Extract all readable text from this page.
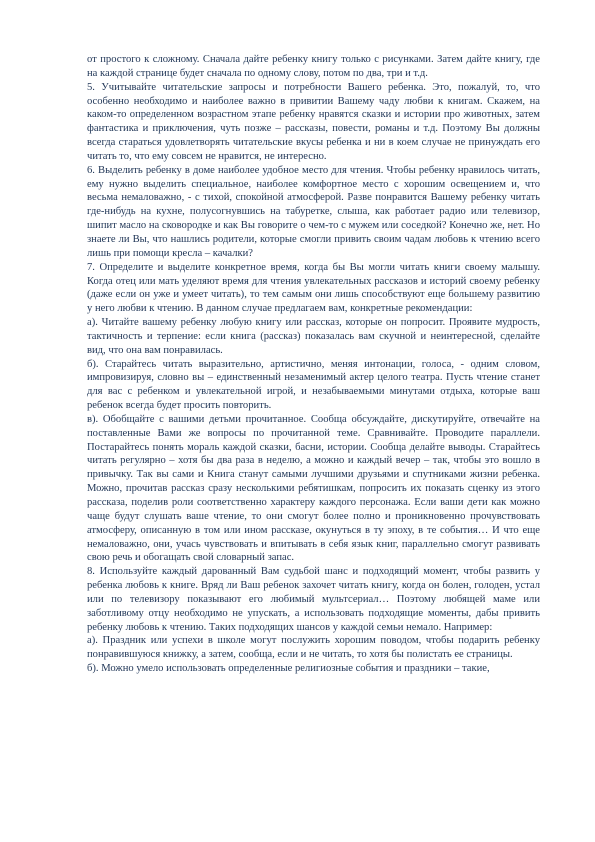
от простого к сложному. Сначала дайте ребенку книгу только с рисунками. Затем дайте книгу, где на каждой странице будет сначала по одному слову, потом по два, три и т.д.

5. Учитывайте читательские запросы и потребности Вашего ребенка. Это, пожалуй, то, что особенно необходимо и наиболее важно в привитии Вашему чаду любви к книгам. Скажем, на каком-то определенном возрастном этапе ребенку нравятся сказки и истории про животных, затем фантастика и приключения, чуть позже – рассказы, повести, романы и т.д. Поэтому Вы должны всегда стараться удовлетворять читательские вкусы ребенка и ни в коем случае не принуждать его читать то, что ему совсем не нравится, не интересно.

6. Выделить ребенку в доме наиболее удобное место для чтения. Чтобы ребенку нравилось читать, ему нужно выделить специальное, наиболее комфортное место с хорошим освещением и, что весьма немаловажно, - с тихой, спокойной атмосферой. Разве понравится Вашему ребенку читать где-нибудь на кухне, полусогнувшись на табуретке, слыша, как работает радио или телевизор, шипит масло на сковородке и как Вы говорите о чем-то с мужем или соседкой? Конечно же, нет. Но знаете ли Вы, что нашлись родители, которые смогли привить своим чадам любовь к чтению всего лишь при помощи кресла – качалки?

7. Определите и выделите конкретное время, когда бы Вы могли читать книги своему малышу. Когда отец или мать уделяют время для чтения увлекательных рассказов и историй своему ребенку (даже если он уже и умеет читать), то тем самым они лишь способствуют еще большему развитию у него любви к чтению. В данном случае предлагаем вам, конкретные рекомендации:

а). Читайте вашему ребенку любую книгу или рассказ, которые он попросит. Проявите мудрость, тактичность и терпение: если книга (рассказ) показалась вам скучной и неинтересной, сделайте вид, что она вам понравилась.

б). Старайтесь читать выразительно, артистично, меняя интонации, голоса, - одним словом, импровизируя, словно вы – единственный незаменимый актер целого театра. Пусть чтение станет для вас с ребенком и увлекательной игрой, и незабываемыми минутами отдыха, которые ваш ребенок всегда будет просить повторить.

в). Обобщайте с вашими детьми прочитанное. Сообща обсуждайте, дискутируйте, отвечайте на поставленные Вами же вопросы по прочитанной теме. Сравнивайте. Проводите параллели. Постарайтесь понять мораль каждой сказки, басни, истории. Сообща делайте выводы. Старайтесь читать регулярно – хотя бы два раза в неделю, а можно и каждый вечер – так, чтобы это вошло в привычку. Так вы сами и Книга станут самыми лучшими друзьями и спутниками жизни ребенка. Можно, прочитав рассказ сразу несколькими ребятишкам, попросить их показать сценку из этого рассказа, поделив роли соответственно характеру каждого персонажа. Если ваши дети как можно чаще будут слушать ваше чтение, то они смогут более полно и проникновенно прочувствовать атмосферу, описанную в том или ином рассказе, окунуться в ту эпоху, в те события… И что еще немаловажно, они, учась чувствовать и впитывать в себя язык книг, параллельно смогут развивать свою речь и обогащать свой словарный запас.

8. Используйте каждый дарованный Вам судьбой шанс и подходящий момент, чтобы развить у ребенка любовь к книге. Вряд ли Ваш ребенок захочет читать книгу, когда он болен, голоден, устал или по телевизору показывают его любимый мультсериал… Поэтому любящей маме или заботливому отцу необходимо не упускать, а использовать подходящие моменты, дабы привить ребенку любовь к чтению. Таких подходящих шансов у каждой семьи немало. Например:

а). Праздник или успехи в школе могут послужить хорошим поводом, чтобы подарить ребенку понравившуюся книжку, а затем, сообща, если и не читать, то хотя бы полистать ее страницы.

б). Можно умело использовать определенные религиозные события и праздники – такие,
